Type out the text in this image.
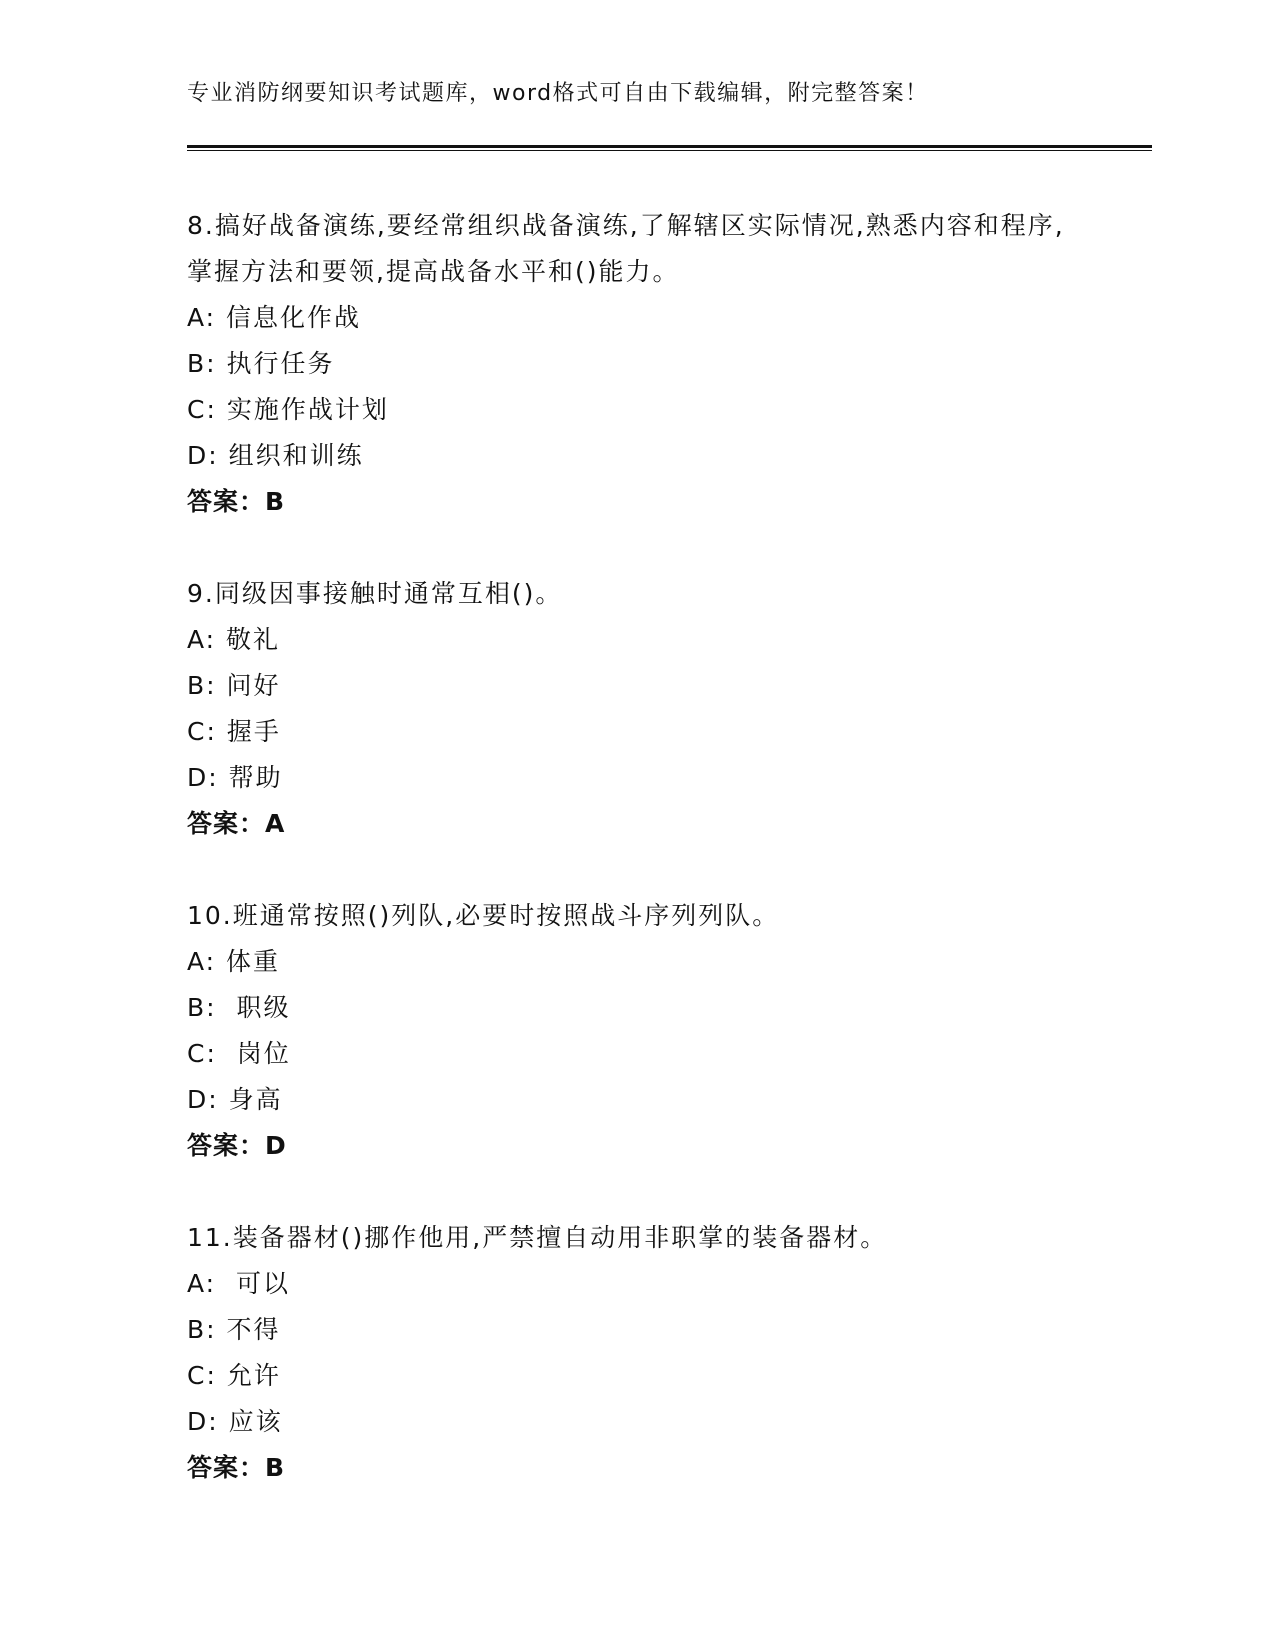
专业消防纲要知识考试题库，word格式可自由下载编辑，附完整答案！
8.搞好战备演练,要经常组织战备演练,了解辖区实际情况,熟悉内容和程序,掌握方法和要领,提高战备水平和()能力。
A: 信息化作战
B: 执行任务
C: 实施作战计划
D: 组织和训练
答案：B
9.同级因事接触时通常互相()。
A: 敬礼
B: 问好
C: 握手
D: 帮助
答案：A
10.班通常按照()列队,必要时按照战斗序列列队。
A: 体重
B:  职级
C:  岗位
D: 身高
答案：D
11.装备器材()挪作他用,严禁擅自动用非职掌的装备器材。
A:  可以
B: 不得
C: 允许
D: 应该
答案：B
